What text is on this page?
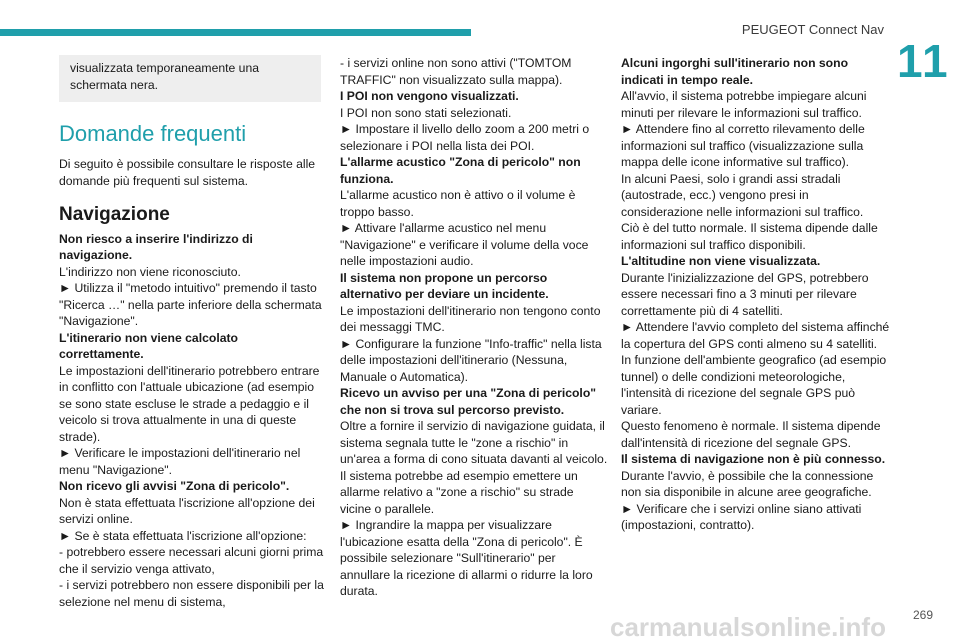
PEUGEOT Connect Nav
11

visualizzata temporaneamente una schermata nera.

Domande frequenti

Di seguito è possibile consultare le risposte alle domande più frequenti sul sistema.

Navigazione

Non riesco a inserire l'indirizzo di navigazione.

L'indirizzo non viene riconosciuto.

► Utilizza il "metodo intuitivo" premendo il tasto "Ricerca …" nella parte inferiore della schermata "Navigazione".

L'itinerario non viene calcolato correttamente.

Le impostazioni dell'itinerario potrebbero entrare in conflitto con l'attuale ubicazione (ad esempio se sono state escluse le strade a pedaggio e il veicolo si trova attualmente in una di queste strade).

► Verificare le impostazioni dell'itinerario nel menu "Navigazione".

Non ricevo gli avvisi "Zona di pericolo".

Non è stata effettuata l'iscrizione all'opzione dei servizi online.

► Se è stata effettuata l'iscrizione all'opzione:

- potrebbero essere necessari alcuni giorni prima che il servizio venga attivato,

- i servizi potrebbero non essere disponibili per la selezione nel menu di sistema,

- i servizi online non sono attivi ("TOMTOM TRAFFIC" non visualizzato sulla mappa).

I POI non vengono visualizzati.

I POI non sono stati selezionati.

► Impostare il livello dello zoom a 200 metri o selezionare i POI nella lista dei POI.

L'allarme acustico "Zona di pericolo" non funziona.

L'allarme acustico non è attivo o il volume è troppo basso.

► Attivare l'allarme acustico nel menu "Navigazione" e verificare il volume della voce nelle impostazioni audio.

Il sistema non propone un percorso alternativo per deviare un incidente.

Le impostazioni dell'itinerario non tengono conto dei messaggi TMC.

► Configurare la funzione "Info-traffic" nella lista delle impostazioni dell'itinerario (Nessuna, Manuale o Automatica).

Ricevo un avviso per una "Zona di pericolo" che non si trova sul percorso previsto.

Oltre a fornire il servizio di navigazione guidata, il sistema segnala tutte le "zone a rischio" in un'area a forma di cono situata davanti al veicolo. Il sistema potrebbe ad esempio emettere un allarme relativo a "zone a rischio" su strade vicine o parallele.

► Ingrandire la mappa per visualizzare l'ubicazione esatta della "Zona di pericolo". È possibile selezionare "Sull'itinerario" per annullare la ricezione di allarmi o ridurre la loro durata.

Alcuni ingorghi sull'itinerario non sono indicati in tempo reale.

All'avvio, il sistema potrebbe impiegare alcuni minuti per rilevare le informazioni sul traffico.

► Attendere fino al corretto rilevamento delle informazioni sul traffico (visualizzazione sulla mappa delle icone informative sul traffico).

In alcuni Paesi, solo i grandi assi stradali (autostrade, ecc.) vengono presi in considerazione nelle informazioni sul traffico.

Ciò è del tutto normale. Il sistema dipende dalle informazioni sul traffico disponibili.

L'altitudine non viene visualizzata.

Durante l'inizializzazione del GPS, potrebbero essere necessari fino a 3 minuti per rilevare correttamente più di 4 satelliti.

► Attendere l'avvio completo del sistema affinché la copertura del GPS conti almeno su 4 satelliti.

In funzione dell'ambiente geografico (ad esempio tunnel) o delle condizioni meteorologiche, l'intensità di ricezione del segnale GPS può variare.

Questo fenomeno è normale. Il sistema dipende dall'intensità di ricezione del segnale GPS.

Il sistema di navigazione non è più connesso.

Durante l'avvio, è possibile che la connessione non sia disponibile in alcune aree geografiche.

► Verificare che i servizi online siano attivati (impostazioni, contratto).

carmanualsonline.info 269
